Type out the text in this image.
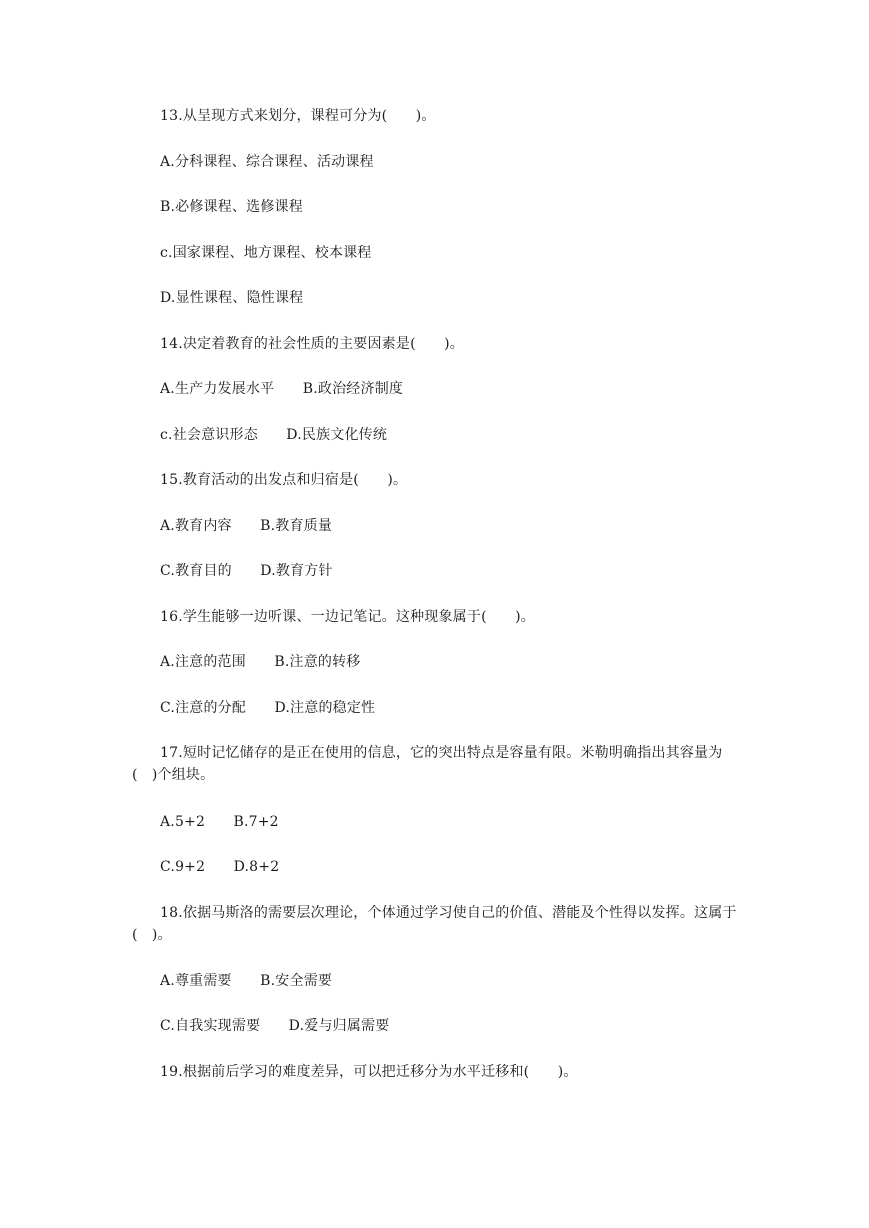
13.从呈现方式来划分，课程可分为(　　)。
A.分科课程、综合课程、活动课程
B.必修课程、选修课程
c.国家课程、地方课程、校本课程
D.显性课程、隐性课程
14.决定着教育的社会性质的主要因素是(　　)。
A.生产力发展水平　　B.政治经济制度
c.社会意识形态　　D.民族文化传统
15.教育活动的出发点和归宿是(　　)。
A.教育内容　　B.教育质量
C.教育目的　　D.教育方针
16.学生能够一边听课、一边记笔记。这种现象属于(　　)。
A.注意的范围　　B.注意的转移
C.注意的分配　　D.注意的稳定性
17.短时记忆储存的是正在使用的信息，它的突出特点是容量有限。米勒明确指出其容量为(　)个组块。
A.5+2　　B.7+2
C.9+2　　D.8+2
18.依据马斯洛的需要层次理论，个体通过学习使自己的价值、潜能及个性得以发挥。这属于(　)。
A.尊重需要　　B.安全需要
C.自我实现需要　　D.爱与归属需要
19.根据前后学习的难度差异，可以把迁移分为水平迁移和(　　)。
